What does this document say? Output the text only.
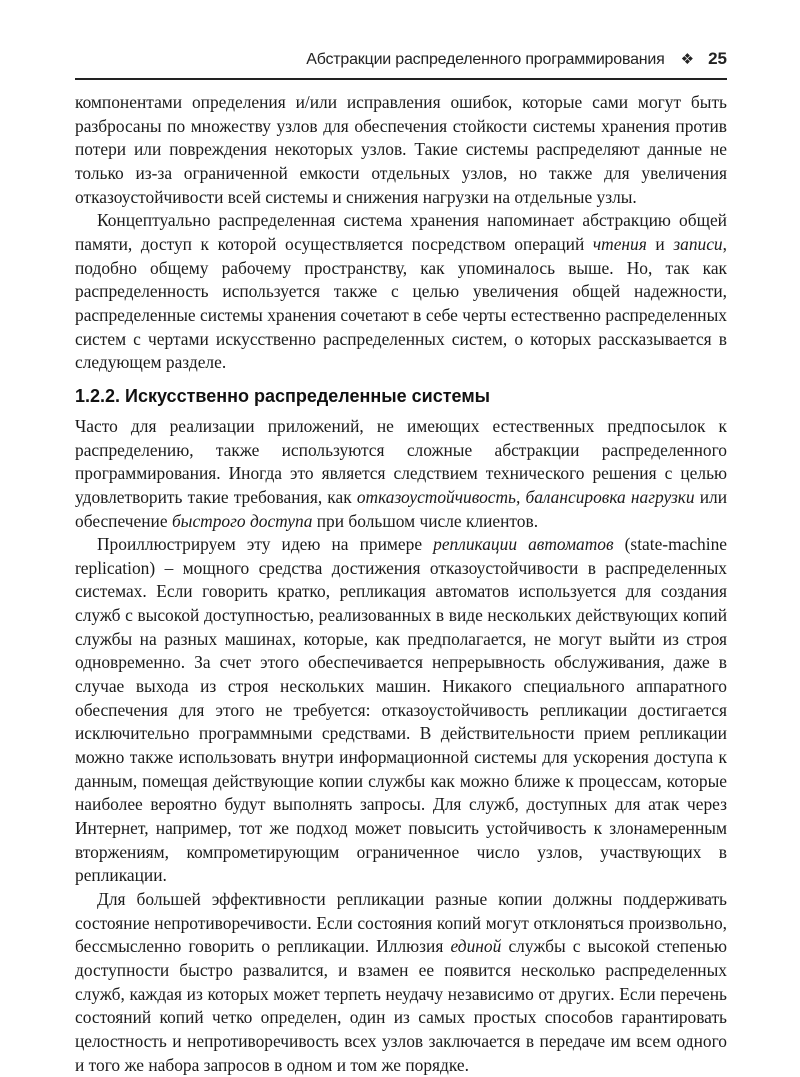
Абстракции распределенного программирования ❖ 25

компонентами определения и/или исправления ошибок, которые сами могут быть разбросаны по множеству узлов для обеспечения стойкости системы хранения против потери или повреждения некоторых узлов. Такие системы распределяют данные не только из-за ограниченной емкости отдельных узлов, но также для увеличения отказоустойчивости всей системы и снижения нагрузки на отдельные узлы.

Концептуально распределенная система хранения напоминает абстракцию общей памяти, доступ к которой осуществляется посредством операций чтения и записи, подобно общему рабочему пространству, как упоминалось выше. Но, так как распределенность используется также с целью увеличения общей надежности, распределенные системы хранения сочетают в себе черты естественно распределенных систем с чертами искусственно распределенных систем, о которых рассказывается в следующем разделе.

1.2.2. Искусственно распределенные системы

Часто для реализации приложений, не имеющих естественных предпосылок к распределению, также используются сложные абстракции распределенного программирования. Иногда это является следствием технического решения с целью удовлетворить такие требования, как отказоустойчивость, балансировка нагрузки или обеспечение быстрого доступа при большом числе клиентов.

Проиллюстрируем эту идею на примере репликации автоматов (state-machine replication) – мощного средства достижения отказоустойчивости в распределенных системах. Если говорить кратко, репликация автоматов используется для создания служб с высокой доступностью, реализованных в виде нескольких действующих копий службы на разных машинах, которые, как предполагается, не могут выйти из строя одновременно. За счет этого обеспечивается непрерывность обслуживания, даже в случае выхода из строя нескольких машин. Никакого специального аппаратного обеспечения для этого не требуется: отказоустойчивость репликации достигается исключительно программными средствами. В действительности прием репликации можно также использовать внутри информационной системы для ускорения доступа к данным, помещая действующие копии службы как можно ближе к процессам, которые наиболее вероятно будут выполнять запросы. Для служб, доступных для атак через Интернет, например, тот же подход может повысить устойчивость к злонамеренным вторжениям, компрометирующим ограниченное число узлов, участвующих в репликации.

Для большей эффективности репликации разные копии должны поддерживать состояние непротиворечивости. Если состояния копий могут отклоняться произвольно, бессмысленно говорить о репликации. Иллюзия единой службы с высокой степенью доступности быстро развалится, и взамен ее появится несколько распределенных служб, каждая из которых может терпеть неудачу независимо от других. Если перечень состояний копий четко определен, один из самых простых способов гарантировать целостность и непротиворечивость всех узлов заключается в передаче им всем одного и того же набора запросов в одном и том же порядке.
